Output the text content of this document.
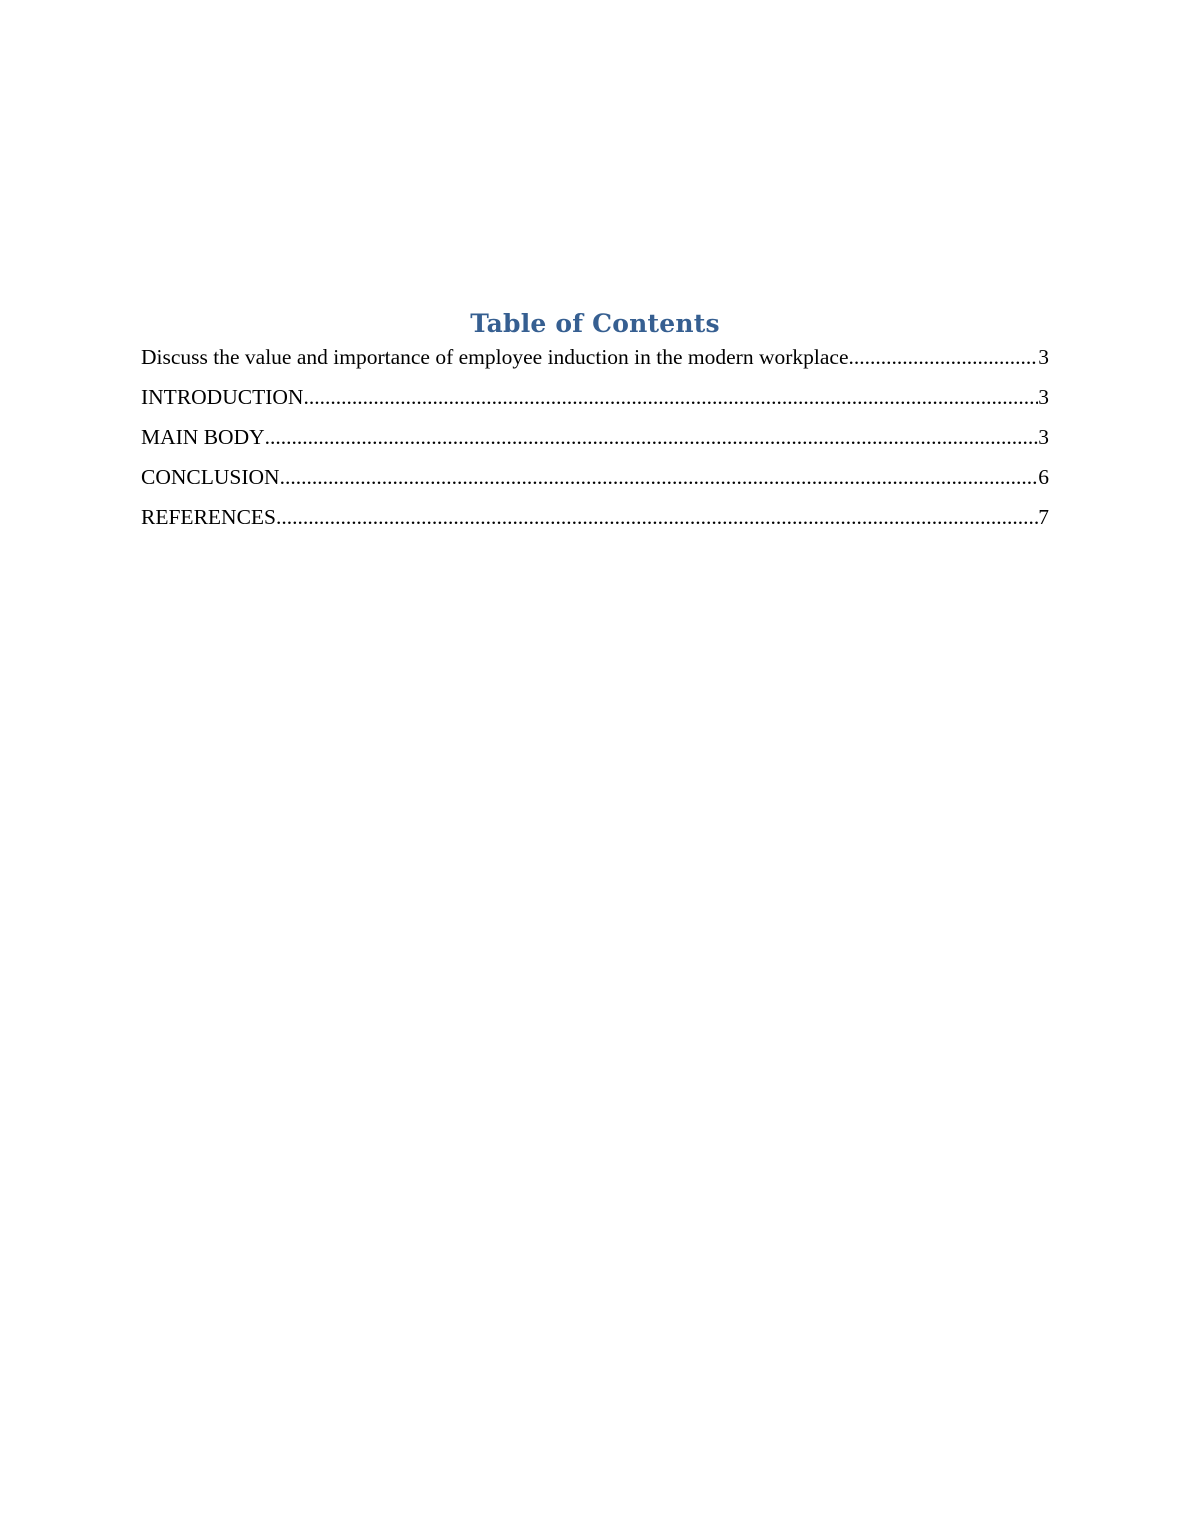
Table of Contents
Discuss the value and importance of employee induction in the modern workplace .....	3
INTRODUCTION .....	3
MAIN BODY .....	3
CONCLUSION .....	6
REFERENCES .....	7
